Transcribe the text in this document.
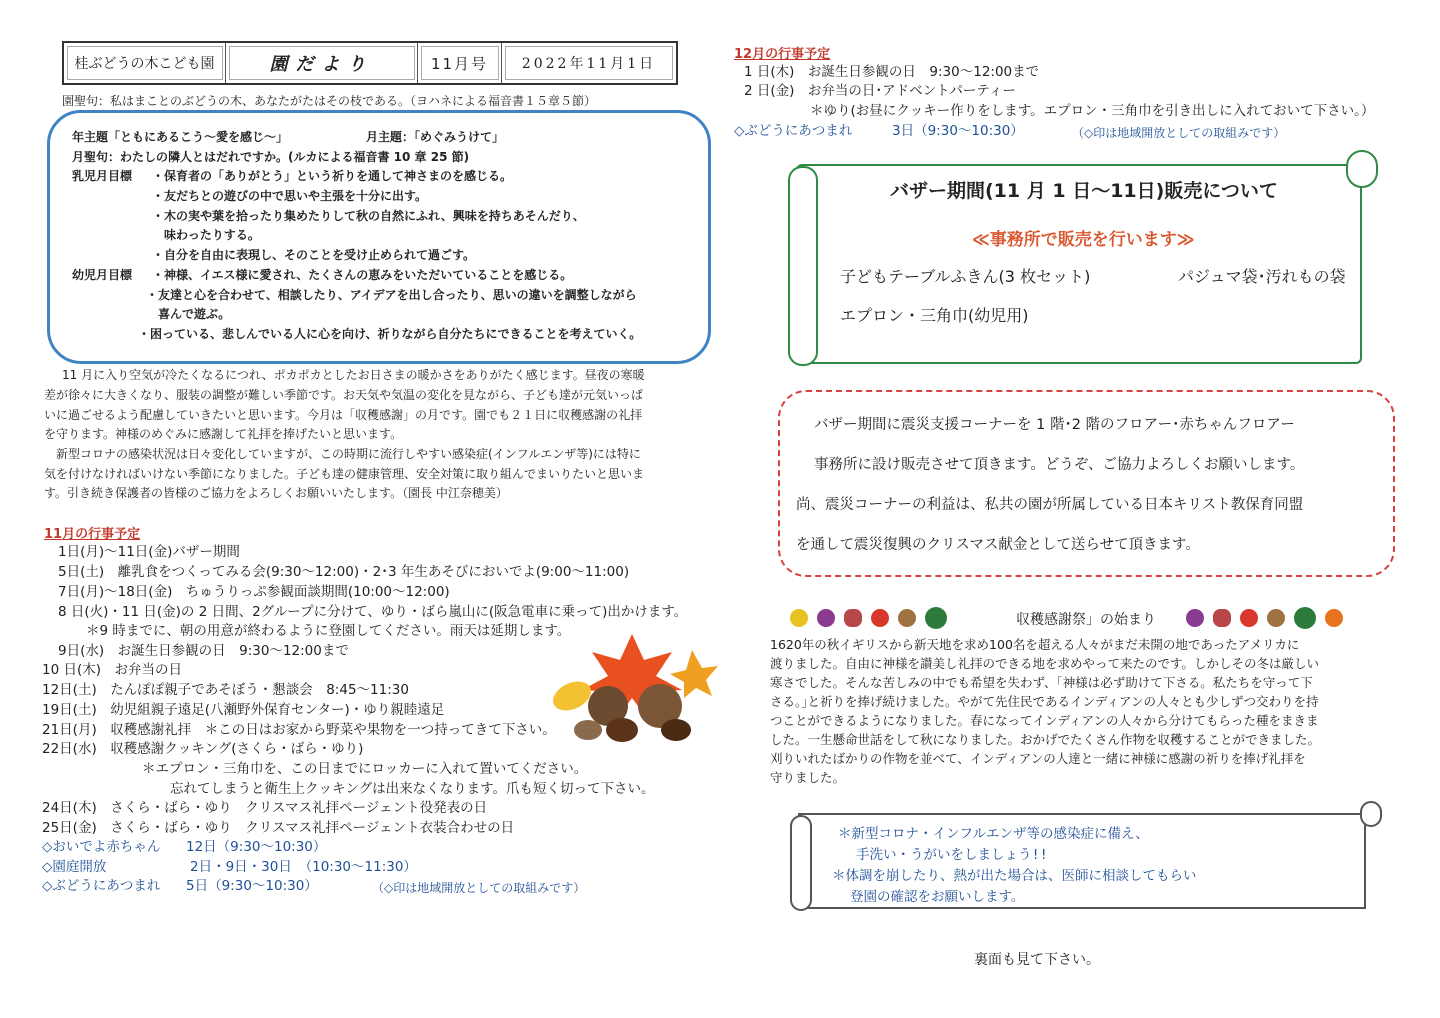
桂ぶどうの木こども園	園だより	11月号	2022年11月1日
園聖句：私はまことのぶどうの木、あなたがたはその枝である。（ヨハネによる福音書１５章５節）
年主題「ともにあるこう～愛を感じ～」	月主題：「めぐみうけて」
月聖句：わたしの隣人とはだれですか。(ルカによる福音書 10 章 25 節)
乳児月目標 ・保育者の「ありがとう」という祈りを通して神さまのを感じる。
・友だちとの遊びの中で思いや主張を十分に出す。
・木の実や葉を拾ったり集めたりして秋の自然にふれ、興味を持ちあそんだり、
味わったりする。
・自分を自由に表現し、そのことを受け止められて過ごす。
幼児月目標 ・神様、イエス様に愛され、たくさんの恵みをいただいていることを感じる。
・友達と心を合わせて、相談したり、アイデアを出し合ったり、思いの違いを調整しながら
喜んで遊ぶ。
・困っている、悲しんでいる人に心を向け、祈りながら自分たちにできることを考えていく。
11 月に入り空気が冷たくなるにつれ、ポカポカとしたお日さまの暖かさをありがたく感じます。昼夜の寒暖
差が徐々に大きくなり、服装の調整が難しい季節です。お天気や気温の変化を見ながら、子ども達が元気いっぱ
いに過ごせるよう配慮していきたいと思います。今月は「収穫感謝」の月です。園でも２１日に収穫感謝の礼拝
を守ります。神様のめぐみに感謝して礼拝を捧げたいと思います。
新型コロナの感染状況は日々変化していますが、この時期に流行しやすい感染症(インフルエンザ等)には特に
気を付けなければいけない季節になりました。子ども達の健康管理、安全対策に取り組んでまいりたいと思いま
す。引き続き保護者の皆様のご協力をよろしくお願いいたします。（園長 中江奈穂美）
11月の行事予定
1日(月)～11日(金)バザー期間
5日(土)　離乳食をつくってみる会(9:30～12:00)・2･3 年生あそびにおいでよ(9:00～11:00)
7日(月)～18日(金)　ちゅうりっぷ参観面談期間(10:00～12:00)
8 日(火)・11 日(金)の 2 日間、2グループに分けて、ゆり・ばら嵐山に(阪急電車に乗って)出かけます。
＊9 時までに、朝の用意が終わるように登園してください。雨天は延期します。
9日(水)　お誕生日参観の日　9:30～12:00まで
10 日(木)　お弁当の日
12日(土)　たんぽぽ親子であそぼう・懇談会　8:45～11:30
19日(土)　幼児組親子遠足(八瀬野外保育センター)・ゆり親睦遠足
21日(月)　収穫感謝礼拝　＊この日はお家から野菜や果物を一つ持ってきて下さい。
22日(水)　収穫感謝クッキング(さくら・ばら・ゆり)
＊エプロン・三角巾を、この日までにロッカーに入れて置いてください。
忘れてしまうと衛生上クッキングは出来なくなります。爪も短く切って下さい。
24日(木)　さくら・ばら・ゆり　クリスマス礼拝ページェント役発表の日
25日(金)　さくら・ばら・ゆり　クリスマス礼拝ページェント衣装合わせの日
◇おいでよ赤ちゃん 12日（9:30～10:30）
◇園庭開放	2日・9日・30日　（10:30～11:30）
◇ぶどうにあつまれ 5日（9:30～10:30）	（◇印は地域開放としての取組みです）
12月の行事予定
1 日(木)　お誕生日参観の日　9:30～12:00まで
2 日(金)　お弁当の日･アドベントパーティー
＊ゆり(お昼にクッキー作りをします。エプロン・三角巾を引き出しに入れておいて下さい。）
◇ぶどうにあつまれ	3日（9:30～10:30）	（◇印は地域開放としての取組みです）
バザー期間(11 月 1 日～11日)販売について
≪事務所で販売を行います≫
子どもテーブルふきん(3 枚セット)	パジュマ袋･汚れもの袋
エプロン・三角巾(幼児用)
バザー期間に震災支援コーナーを 1 階･2 階のフロアー･赤ちゃんフロアー
事務所に設け販売させて頂きます。どうぞ、ご協力よろしくお願いします。
尚、震災コーナーの利益は、私共の園が所属している日本キリスト教保育同盟
を通して震災復興のクリスマス献金として送らせて頂きます。

収穫感謝祭」の始まり

1620年の秋イギリスから新天地を求め100名を超える人々がまだ未開の地であったアメリカに
渡りました。自由に神様を讃美し礼拝のできる地を求めやって来たのです。しかしその冬は厳しい
寒さでした。そんな苦しみの中でも希望を失わず、｢神様は必ず助けて下さる。私たちを守って下
さる。｣と祈りを捧げ続けました。やがて先住民であるインディアンの人々とも少しずつ交わりを持
つことができるようになりました。春になってインディアンの人々から分けてもらった種をまきま
した。一生懸命世話をして秋になりました。おかげでたくさん作物を収穫することができました。
刈りいれたばかりの作物を並べて、インディアンの人達と一緒に神様に感謝の祈りを捧げ礼拝を
守りました。
＊新型コロナ・インフルエンザ等の感染症に備え、
手洗い・うがいをしましょう!!
＊体調を崩したり、熱が出た場合は、医師に相談してもらい
登園の確認をお願いします。
裏面も見て下さい。
